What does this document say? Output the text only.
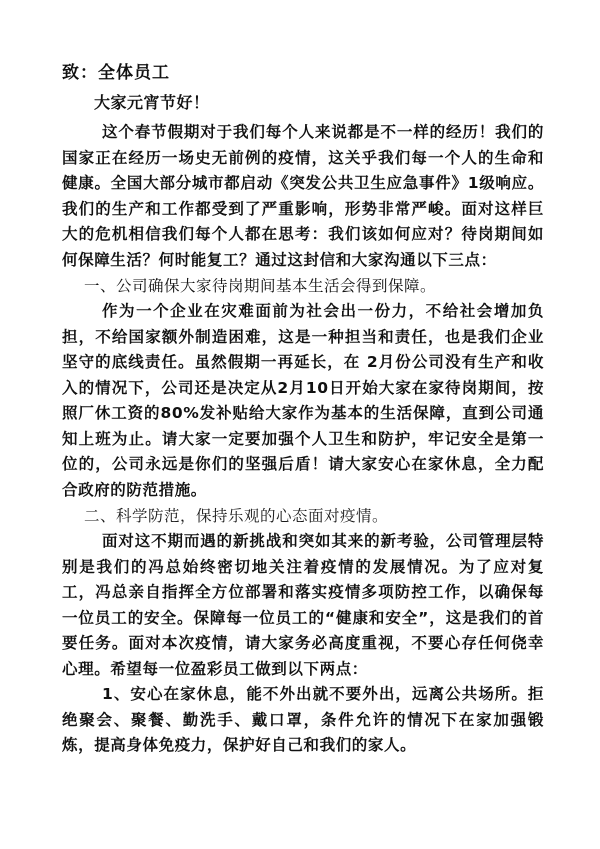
致：全体员工
大家元宵节好！

这个春节假期对于我们每个人来说都是不一样的经历！我们的国家正在经历一场史无前例的疫情，这关乎我们每一个人的生命和健康。全国大部分城市都启动《突发公共卫生应急事件》1级响应。我们的生产和工作都受到了严重影响，形势非常严峻。面对这样巨大的危机相信我们每个人都在思考：我们该如何应对？待岗期间如何保障生活？何时能复工？通过这封信和大家沟通以下三点：

一、公司确保大家待岗期间基本生活会得到保障。

作为一个企业在灾难面前为社会出一份力，不给社会增加负担，不给国家额外制造困难，这是一种担当和责任，也是我们企业坚守的底线责任。虽然假期一再延长，在 2月份公司没有生产和收入的情况下，公司还是决定从2月10日开始大家在家待岗期间，按照厂休工资的80%发补贴给大家作为基本的生活保障，直到公司通知上班为止。请大家一定要加强个人卫生和防护，牢记安全是第一位的，公司永远是你们的坚强后盾！请大家安心在家休息，全力配合政府的防范措施。

二、科学防范，保持乐观的心态面对疫情。

面对这不期而遇的新挑战和突如其来的新考验，公司管理层特别是我们的冯总始终密切地关注着疫情的发展情况。为了应对复工，冯总亲自指挥全方位部署和落实疫情多项防控工作，以确保每一位员工的安全。保障每一位员工的“健康和安全”，这是我们的首要任务。面对本次疫情，请大家务必高度重视，不要心存任何侥幸心理。希望每一位盈彩员工做到以下两点：

1、安心在家休息，能不外出就不要外出，远离公共场所。拒绝聚会、聚餐、勤洗手、戴口罩，条件允许的情况下在家加强锻炼，提高身体免疫力，保护好自己和我们的家人。
